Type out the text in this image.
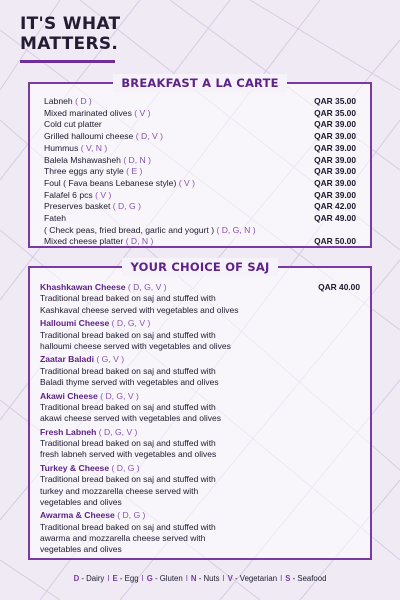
IT'S WHAT
MATTERS.
BREAKFAST A LA CARTE
Labneh ( D )	QAR 35.00
Mixed marinated olives ( V )	QAR 35.00
Cold cut platter	QAR 39.00
Grilled halloumi cheese ( D, V )	QAR 39.00
Hummus ( V, N )	QAR 39.00
Balela Mshawasheh ( D, N )	QAR 39.00
Three eggs any style ( E )	QAR 39.00
Foul ( Fava beans Lebanese style) ( V )	QAR 39.00
Falafel 6 pcs ( V )	QAR 39.00
Preserves basket ( D, G )	QAR 42.00
Fateh	QAR 49.00
( Check peas, fried bread, garlic and yogurt ) ( D, G, N )
Mixed cheese platter ( D, N )	QAR 50.00
YOUR CHOICE OF SAJ
Khashkawan Cheese ( D, G, V )	QAR 40.00
Traditional bread baked on saj and stuffed with
Kashkaval cheese served with vegetables and olives
Halloumi Cheese ( D, G, V )
Traditional bread baked on saj and stuffed with
halloumi cheese served with vegetables and olives
Zaatar Baladi ( G, V )
Traditional bread baked on saj and stuffed with
Baladi thyme served with vegetables and olives
Akawi Cheese ( D, G, V )
Traditional bread baked on saj and stuffed with
akawi cheese served with vegetables and olives
Fresh Labneh ( D, G, V )
Traditional bread baked on saj and stuffed with
fresh labneh served with vegetables and olives
Turkey & Cheese ( D, G )
Traditional bread baked on saj and stuffed with
turkey and mozzarella cheese served with
vegetables and olives
Awarma & Cheese ( D, G )
Traditional bread baked on saj and stuffed with
awarma and mozzarella cheese served with
vegetables and olives
D - Dairy I E - Egg I G - Gluten I N - Nuts I V - Vegetarian I S - Seafood
